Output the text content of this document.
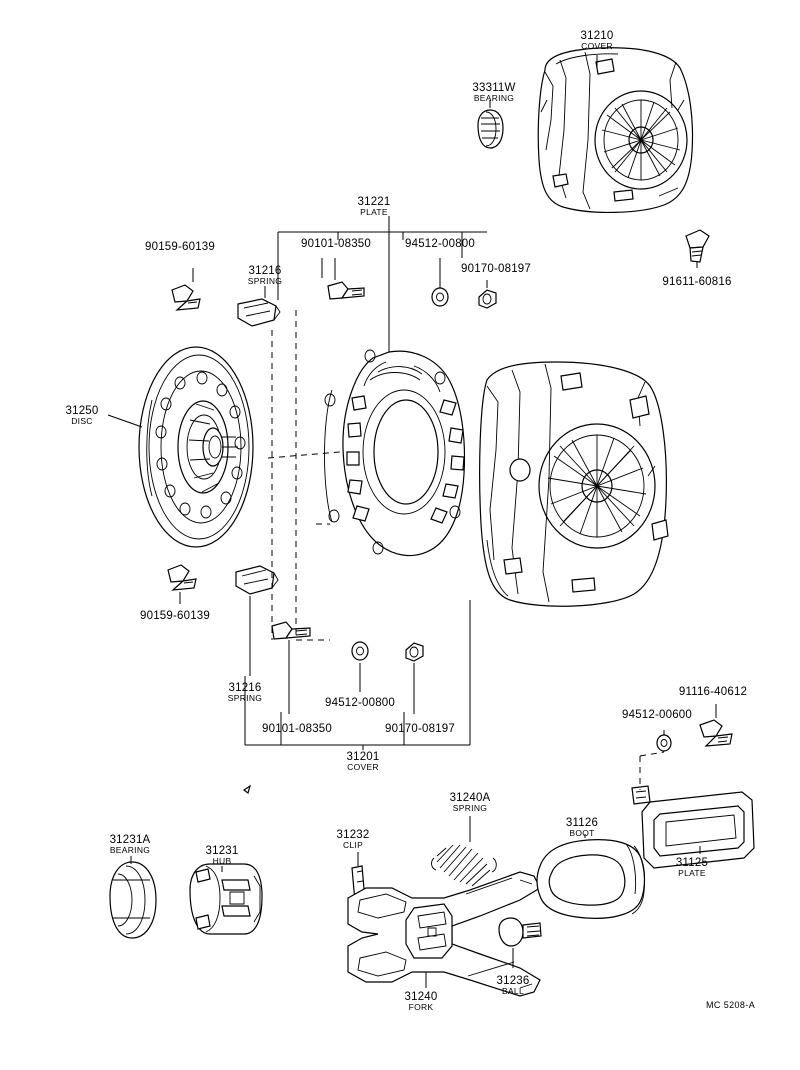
31210
COVER
33311W
BEARING
31221
PLATE
90159-60139	90101-08350	94512-00800
90170-08197
31216
SPRING	91611-60816
31250
DISC
90159-60139
31216
SPRING	94512-00800
90101-08350	90170-08197
31201
COVER
91116-40612
94512-00600
31126
BOOT
31125
PLATE
31240A
SPRING
31232
CLIP
31231A
BEARING	31231
HUB
31236
BALL
31240
FORK	MC 5208-A
